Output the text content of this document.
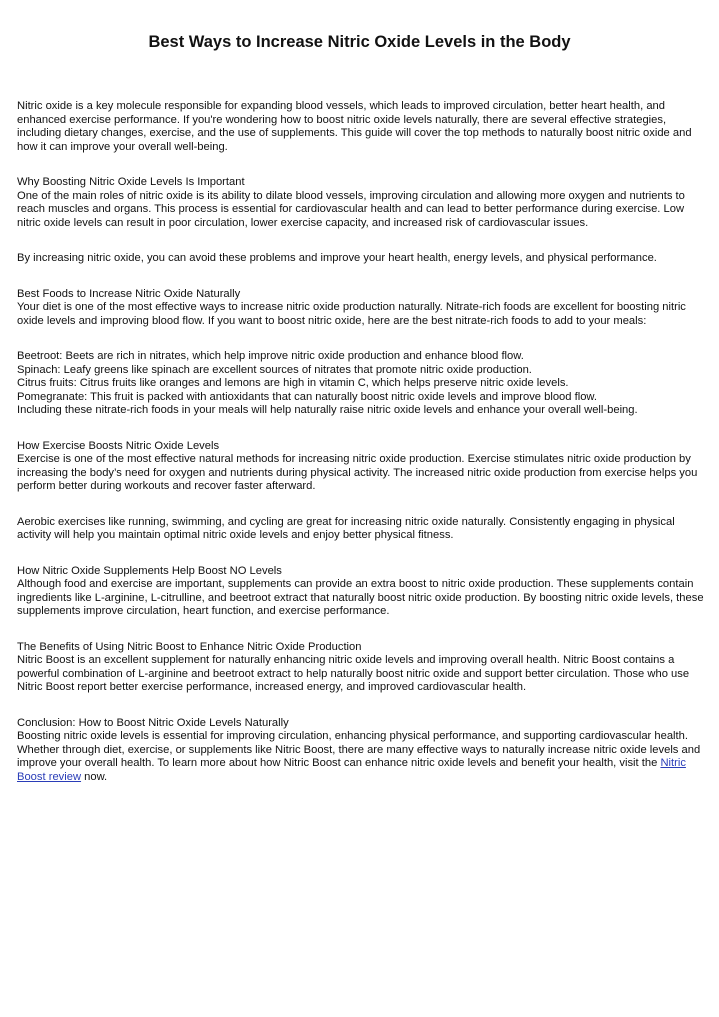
Best Ways to Increase Nitric Oxide Levels in the Body

Nitric oxide is a key molecule responsible for expanding blood vessels, which leads to improved circulation, better heart health, and enhanced exercise performance. If you're wondering how to boost nitric oxide levels naturally, there are several effective strategies, including dietary changes, exercise, and the use of supplements. This guide will cover the top methods to naturally boost nitric oxide and how it can improve your overall well-being.

Why Boosting Nitric Oxide Levels Is Important
One of the main roles of nitric oxide is its ability to dilate blood vessels, improving circulation and allowing more oxygen and nutrients to reach muscles and organs. This process is essential for cardiovascular health and can lead to better performance during exercise. Low nitric oxide levels can result in poor circulation, lower exercise capacity, and increased risk of cardiovascular issues.

By increasing nitric oxide, you can avoid these problems and improve your heart health, energy levels, and physical performance.

Best Foods to Increase Nitric Oxide Naturally
Your diet is one of the most effective ways to increase nitric oxide production naturally. Nitrate-rich foods are excellent for boosting nitric oxide levels and improving blood flow. If you want to boost nitric oxide, here are the best nitrate-rich foods to add to your meals:

Beetroot: Beets are rich in nitrates, which help improve nitric oxide production and enhance blood flow.
Spinach: Leafy greens like spinach are excellent sources of nitrates that promote nitric oxide production.
Citrus fruits: Citrus fruits like oranges and lemons are high in vitamin C, which helps preserve nitric oxide levels.
Pomegranate: This fruit is packed with antioxidants that can naturally boost nitric oxide levels and improve blood flow.
Including these nitrate-rich foods in your meals will help naturally raise nitric oxide levels and enhance your overall well-being.

How Exercise Boosts Nitric Oxide Levels
Exercise is one of the most effective natural methods for increasing nitric oxide production. Exercise stimulates nitric oxide production by increasing the body’s need for oxygen and nutrients during physical activity. The increased nitric oxide production from exercise helps you perform better during workouts and recover faster afterward.

Aerobic exercises like running, swimming, and cycling are great for increasing nitric oxide naturally. Consistently engaging in physical activity will help you maintain optimal nitric oxide levels and enjoy better physical fitness.

How Nitric Oxide Supplements Help Boost NO Levels
Although food and exercise are important, supplements can provide an extra boost to nitric oxide production. These supplements contain ingredients like L-arginine, L-citrulline, and beetroot extract that naturally boost nitric oxide production. By boosting nitric oxide levels, these supplements improve circulation, heart function, and exercise performance.

The Benefits of Using Nitric Boost to Enhance Nitric Oxide Production
Nitric Boost is an excellent supplement for naturally enhancing nitric oxide levels and improving overall health. Nitric Boost contains a powerful combination of L-arginine and beetroot extract to help naturally boost nitric oxide and support better circulation. Those who use Nitric Boost report better exercise performance, increased energy, and improved cardiovascular health.

Conclusion: How to Boost Nitric Oxide Levels Naturally
Boosting nitric oxide levels is essential for improving circulation, enhancing physical performance, and supporting cardiovascular health. Whether through diet, exercise, or supplements like Nitric Boost, there are many effective ways to naturally increase nitric oxide levels and improve your overall health. To learn more about how Nitric Boost can enhance nitric oxide levels and benefit your health, visit the Nitric Boost review now.
